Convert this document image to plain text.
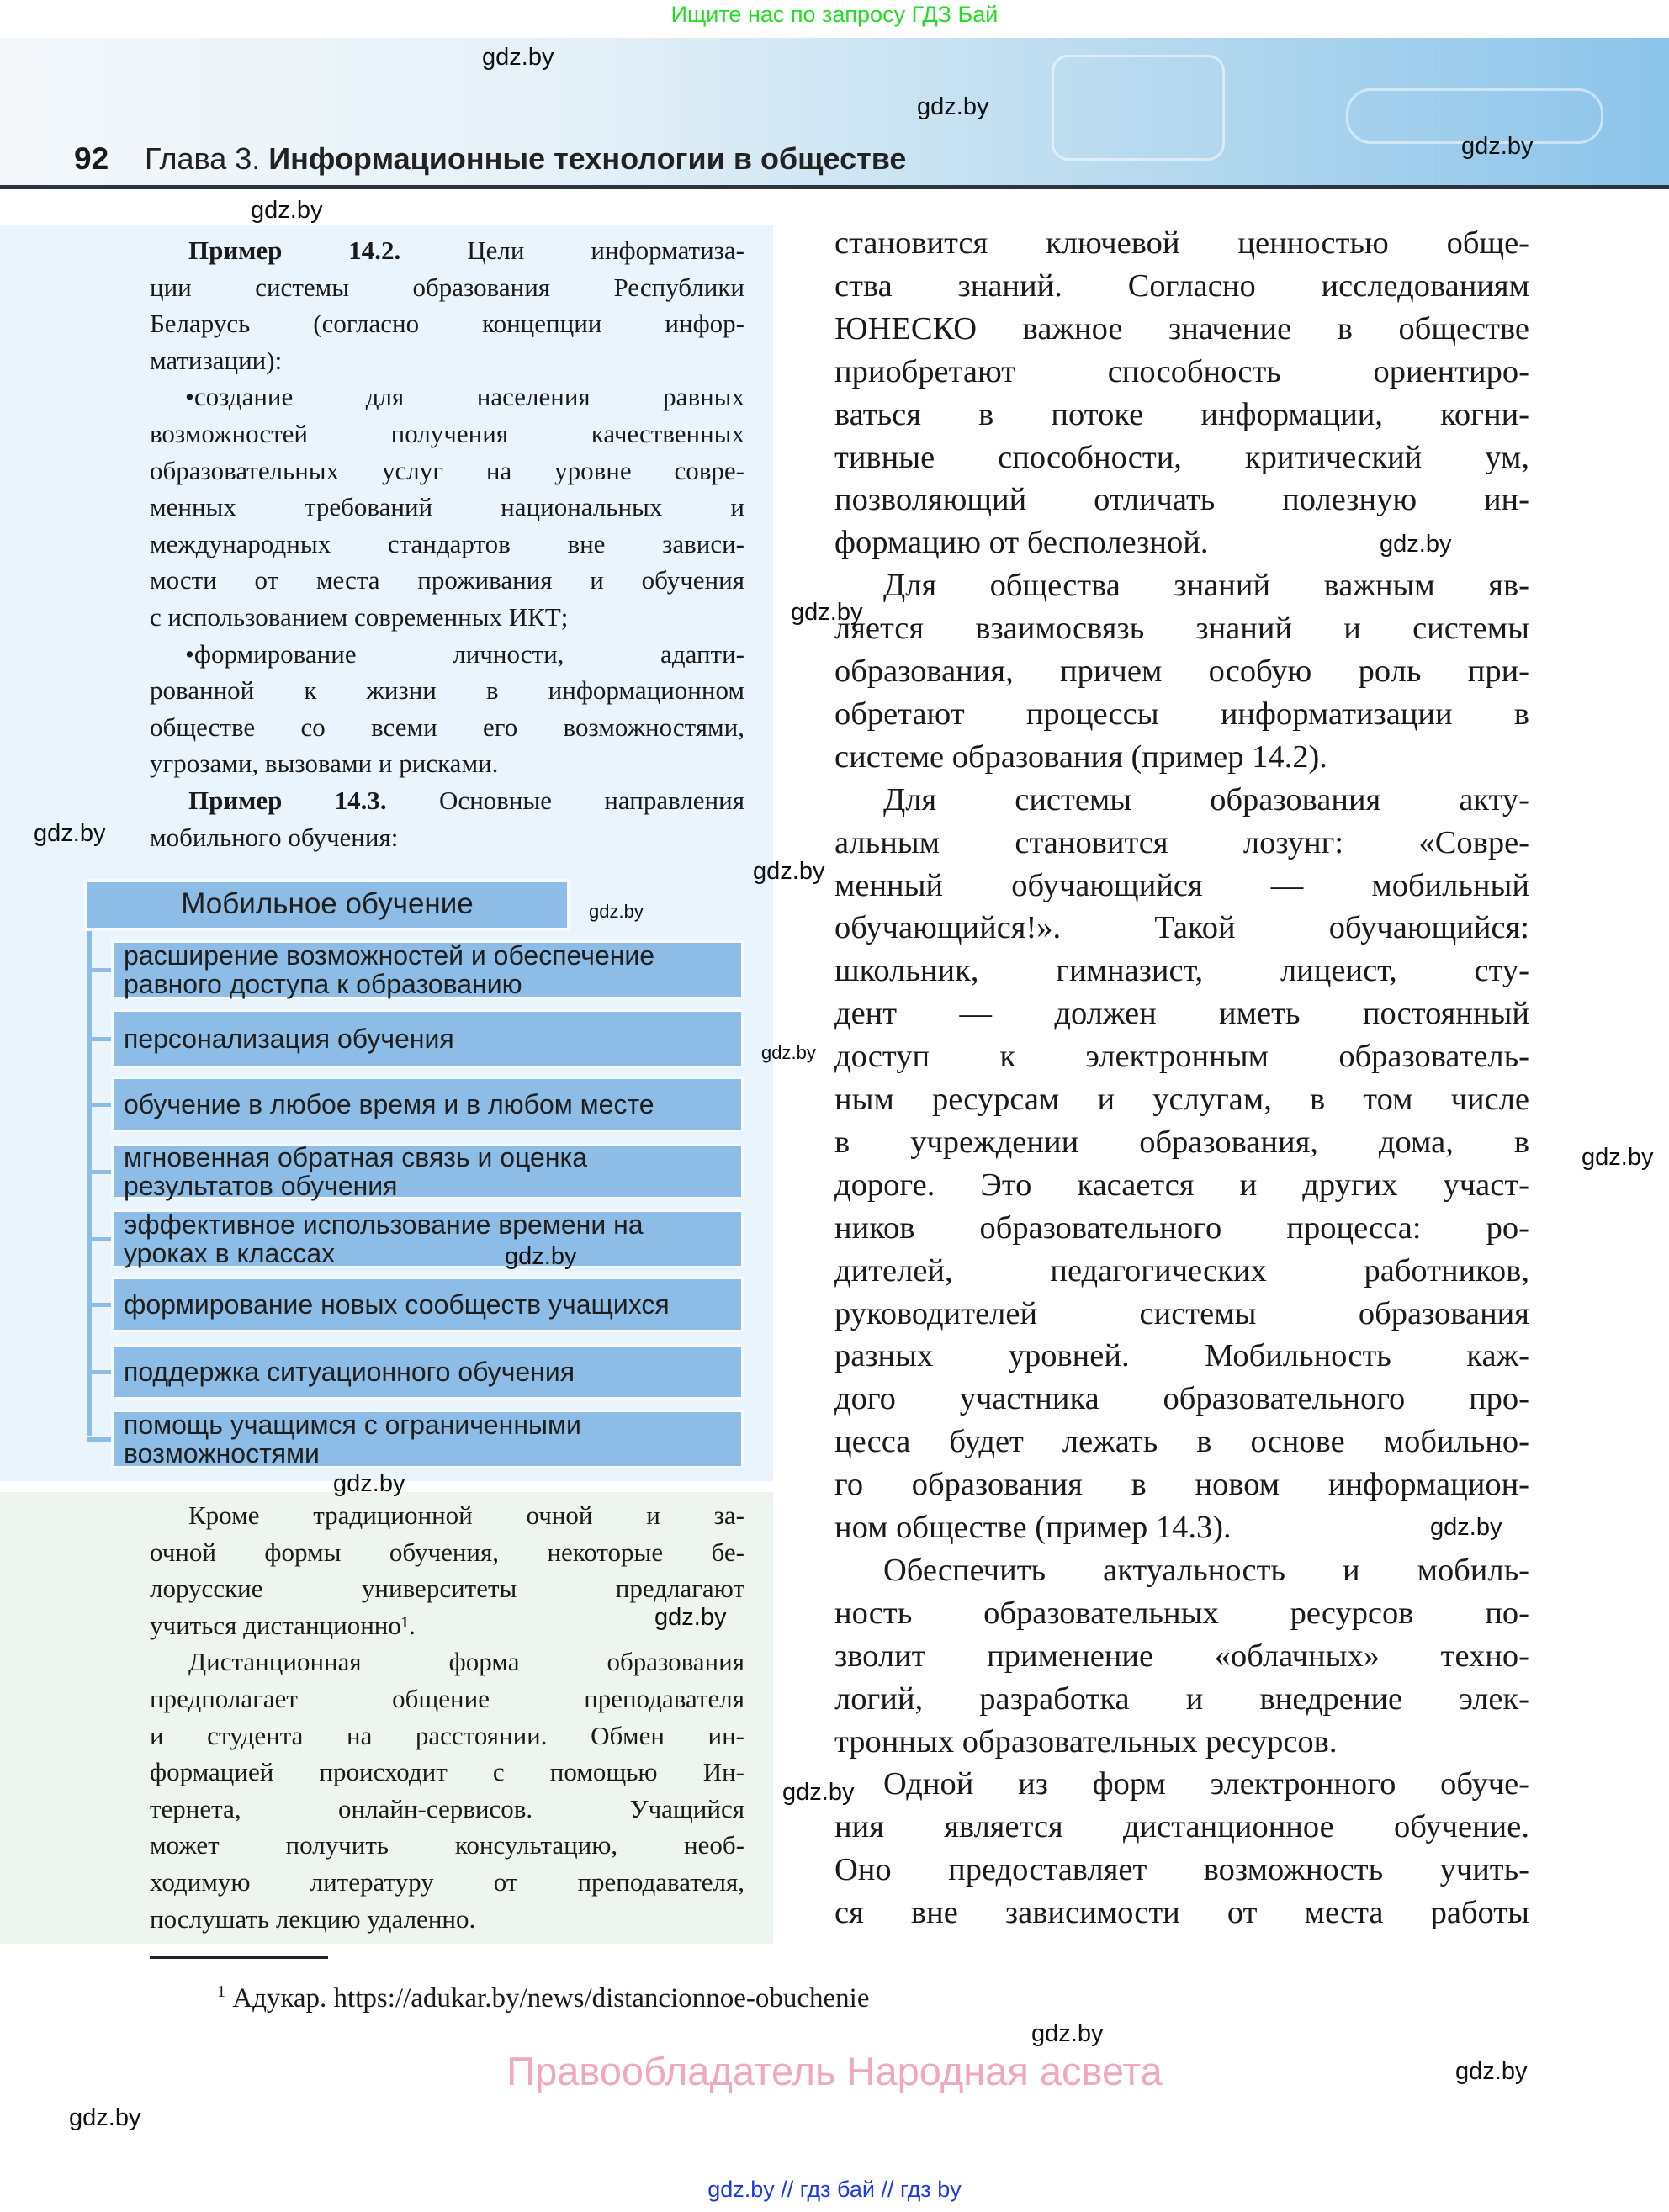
Ищите нас по запросу ГДЗ Бай
92 Глава 3. Информационные технологии в обществе
Пример 14.2. Цели информатиза-
ции системы образования Республики
Беларусь (согласно концепции инфор-
матизации):
•создание для населения равных
возможностей получения качественных
образовательных услуг на уровне совре-
менных требований национальных и
международных стандартов вне зависи-
мости от места проживания и обучения
с использованием современных ИКТ;
•формирование личности, адапти-
рованной к жизни в информационном
обществе со всеми его возможностями,
угрозами, вызовами и рисками.
Пример 14.3. Основные направления
мобильного обучения:
Кроме традиционной очной и за-
очной формы обучения, некоторые бе-
лорусские университеты предлагают
учиться дистанционно¹.
Дистанционная форма образования
предполагает общение преподавателя
и студента на расстоянии. Обмен ин-
формацией происходит с помощью Ин-
тернета, онлайн-сервисов. Учащийся
может получить консультацию, необ-
ходимую литературу от преподавателя,
послушать лекцию удаленно.
становится ключевой ценностью обще-
ства знаний. Согласно исследованиям
ЮНЕСКО важное значение в обществе
приобретают способность ориентиро-
ваться в потоке информации, когни-
тивные способности, критический ум,
позволяющий отличать полезную ин-
формацию от бесполезной.
Для общества знаний важным яв-
ляется взаимосвязь знаний и системы
образования, причем особую роль при-
обретают процессы информатизации в
системе образования (пример 14.2).
Для системы образования акту-
альным становится лозунг: «Совре-
менный обучающийся — мобильный
обучающийся!». Такой обучающийся:
школьник, гимназист, лицеист, сту-
дент — должен иметь постоянный
доступ к электронным образователь-
ным ресурсам и услугам, в том числе
в учреждении образования, дома, в
дороге. Это касается и других участ-
ников образовательного процесса: ро-
дителей, педагогических работников,
руководителей системы образования
разных уровней. Мобильность каж-
дого участника образовательного про-
цесса будет лежать в основе мобильно-
го образования в новом информацион-
ном обществе (пример 14.3).
Обеспечить актуальность и мобиль-
ность образовательных ресурсов по-
зволит применение «облачных» техно-
логий, разработка и внедрение элек-
тронных образовательных ресурсов.
Одной из форм электронного обуче-
ния является дистанционное обучение.
Оно предоставляет возможность учить-
ся вне зависимости от места работы
Мобильное обучение
расширение возможностей и обеспечение равного доступа к образованию
персонализация обучения
обучение в любое время и в любом месте
мгновенная обратная связь и оценка результатов обучения
эффективное использование времени на уроках в классах
формирование новых сообществ учащихся
поддержка ситуационного обучения
помощь учащимся с ограниченными возможностями
$^1$ Адукар. https://adukar.by/news/distancionnoe-obuchenie
Правообладатель Народная асвета
gdz.by // гдз бай // гдз by
gdz.by
gdz.by
gdz.by
gdz.by
gdz.by
gdz.by
gdz.by
gdz.by
gdz.by
gdz.by
gdz.by
gdz.by
gdz.by
gdz.by
gdz.by
gdz.by
gdz.by
gdz.by
gdz.by
